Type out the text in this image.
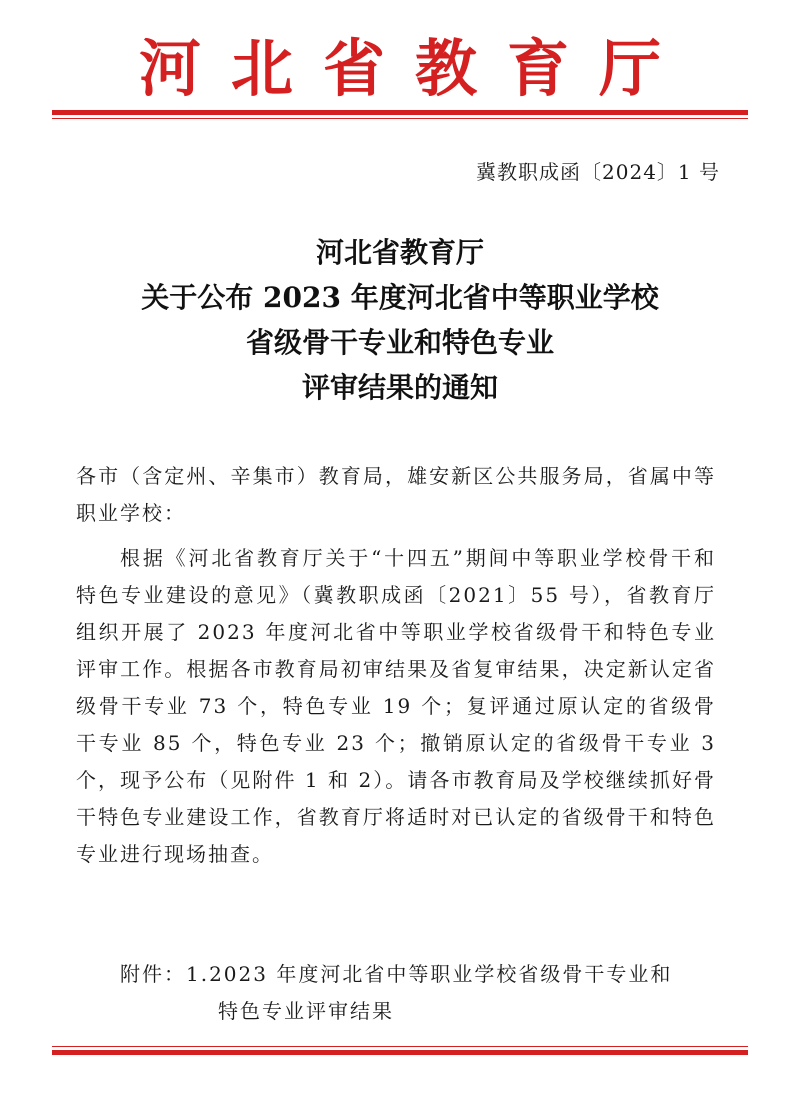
河北省教育厅
冀教职成函〔2024〕1 号
河北省教育厅
关于公布 2023 年度河北省中等职业学校
省级骨干专业和特色专业
评审结果的通知

各市（含定州、辛集市）教育局，雄安新区公共服务局，省属中等职业学校：

根据《河北省教育厅关于“十四五”期间中等职业学校骨干和特色专业建设的意见》（冀教职成函〔2021〕55 号），省教育厅组织开展了 2023 年度河北省中等职业学校省级骨干和特色专业评审工作。根据各市教育局初审结果及省复审结果，决定新认定省级骨干专业 73 个，特色专业 19 个；复评通过原认定的省级骨干专业 85 个，特色专业 23 个；撤销原认定的省级骨干专业 3 个，现予公布（见附件 1 和 2）。请各市教育局及学校继续抓好骨干特色专业建设工作，省教育厅将适时对已认定的省级骨干和特色专业进行现场抽查。

附件：1.2023 年度河北省中等职业学校省级骨干专业和
特色专业评审结果
